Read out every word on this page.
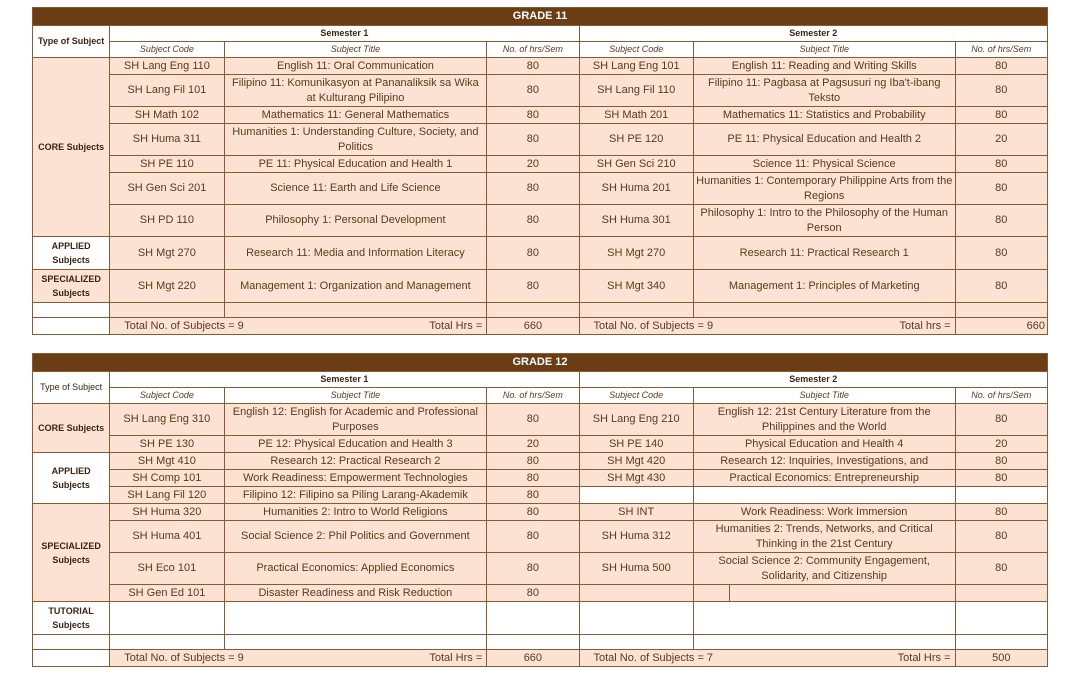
GRADE 11								
Type of Subject	Semester 1				Semester 2			
	Subject Code	Subject Title		No. of hrs/Sem	Subject Code	Subject Title		No. of hrs/Sem
CORE Subjects	SH Lang Eng 110	English 11: Oral Communication		80	SH Lang Eng 101	English 11: Reading and Writing Skills		80
	SH Lang Fil 101	Filipino 11: Komunikasyon at Pananaliksik sa Wika at Kulturang Pilipino		80	SH Lang Fil 110	Filipino 11: Pagbasa at Pagsusuri ng Iba't-ibang Teksto		80
	SH Math 102	Mathematics 11: General Mathematics		80	SH Math 201	Mathematics 11: Statistics and Probability		80
	SH Huma 311	Humanities 1: Understanding Culture, Society, and Politics		80	SH PE 120	PE 11: Physical Education and Health 2		20
	SH PE 110	PE 11: Physical Education and Health 1		20	SH Gen Sci 210	Science 11: Physical Science		80
	SH Gen Sci 201	Science 11: Earth and Life Science		80	SH Huma 201	Humanities 1: Contemporary Philippine Arts from the Regions		80
	SH PD 110	Philosophy 1: Personal Development		80	SH Huma 301	Philosophy 1: Intro to the Philosophy of the Human Person		80
APPLIED Subjects	SH Mgt 270	Research 11: Media and Information Literacy		80	SH Mgt 270	Research 11: Practical Research 1		80
SPECIALIZED Subjects	SH Mgt 220	Management 1: Organization and Management		80	SH Mgt 340	Management 1: Principles of Marketing		80

	Total No. of Subjects = 9		Total Hrs =	660	Total No. of Subjects = 9		Total hrs =	660
GRADE 12								
Type of Subject	Semester 1				Semester 2			
	Subject Code	Subject Title		No. of hrs/Sem	Subject Code	Subject Title		No. of hrs/Sem
CORE Subjects	SH Lang Eng 310	English 12: English for Academic and Professional Purposes		80	SH Lang Eng 210	English 12: 21st Century Literature from the Philippines and the World		80
	SH PE 130	PE 12: Physical Education and Health 3		20	SH PE 140	Physical Education and Health 4		20
APPLIED Subjects	SH Mgt 410	Research 12: Practical Research 2		80	SH Mgt 420	Research 12: Inquiries, Investigations, and		80
	SH Comp 101	Work Readiness: Empowerment Technologies		80	SH Mgt 430	Practical Economics: Entrepreneurship		80
	SH Lang Fil 120	Filipino 12: Filipino sa Piling Larang-Akademik		80				
SPECIALIZED Subjects	SH Huma 320	Humanities 2: Intro to World Religions		80	SH INT	Work Readiness: Work Immersion		80
	SH Huma 401	Social Science 2: Phil Politics and Government		80	SH Huma 312	Humanities 2: Trends, Networks, and Critical Thinking in the 21st Century		80
	SH Eco 101	Practical Economics: Applied Economics		80	SH Huma 500	Social Science 2: Community Engagement, Solidarity, and Citizenship		80
	SH Gen Ed 101	Disaster Readiness and Risk Reduction		80				
TUTORIAL Subjects								

	Total No. of Subjects = 9		Total Hrs =	660	Total No. of Subjects = 7		Total Hrs =	500
